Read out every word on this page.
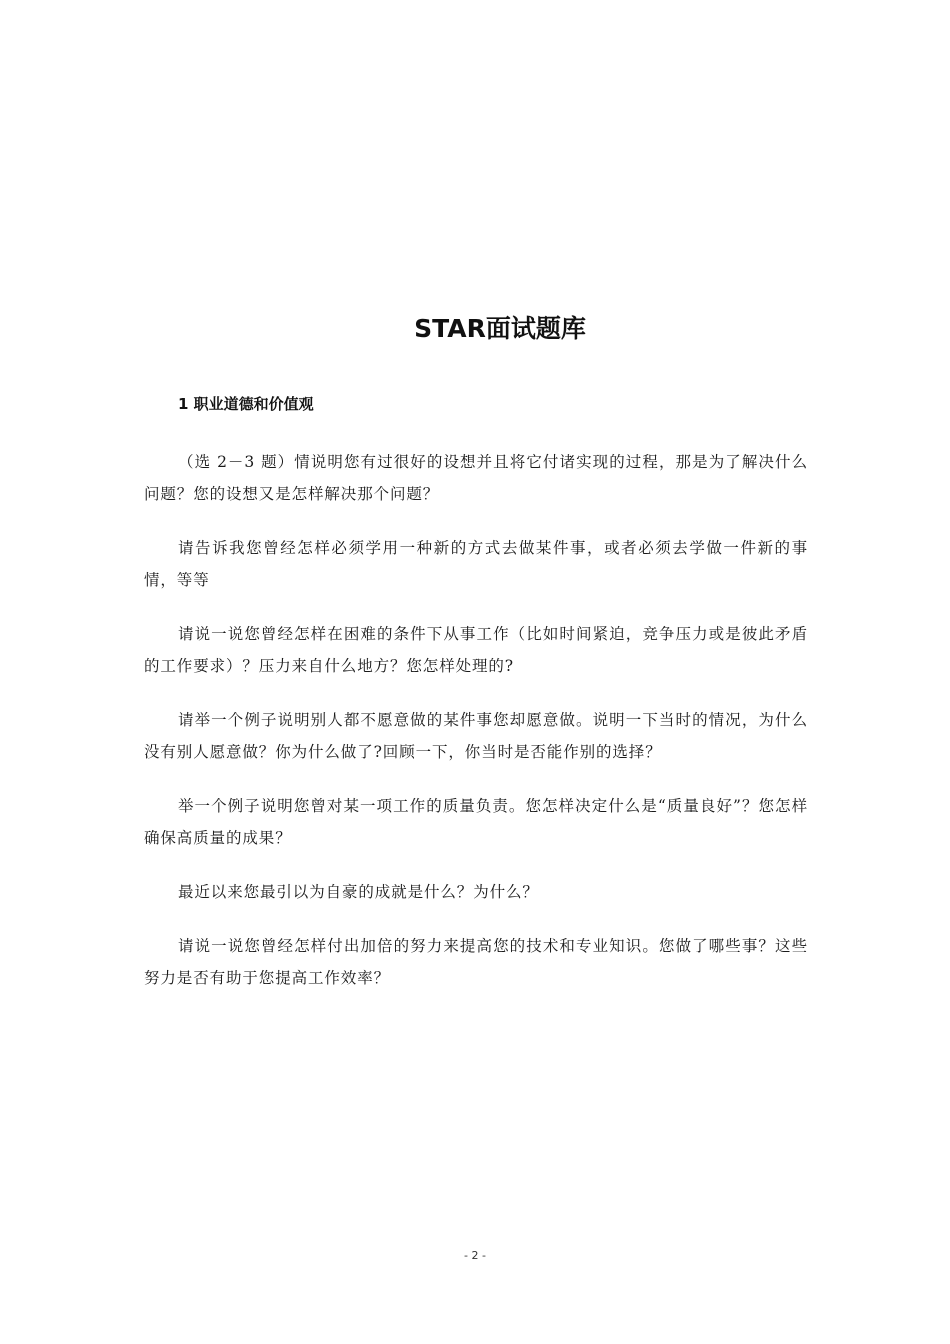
STAR面试题库
1 职业道德和价值观

（选 2－3 题）情说明您有过很好的设想并且将它付诸实现的过程，那是为了解决什么问题？您的设想又是怎样解决那个问题？

请告诉我您曾经怎样必须学用一种新的方式去做某件事，或者必须去学做一件新的事情，等等

请说一说您曾经怎样在困难的条件下从事工作（比如时间紧迫，竞争压力或是彼此矛盾的工作要求）？压力来自什么地方？您怎样处理的?

请举一个例子说明别人都不愿意做的某件事您却愿意做。说明一下当时的情况，为什么没有别人愿意做？你为什么做了?回顾一下，你当时是否能作别的选择？

举一个例子说明您曾对某一项工作的质量负责。您怎样决定什么是“质量良好”？您怎样确保高质量的成果？

最近以来您最引以为自豪的成就是什么？为什么？

请说一说您曾经怎样付出加倍的努力来提高您的技术和专业知识。您做了哪些事？这些努力是否有助于您提高工作效率？

- 2 -
